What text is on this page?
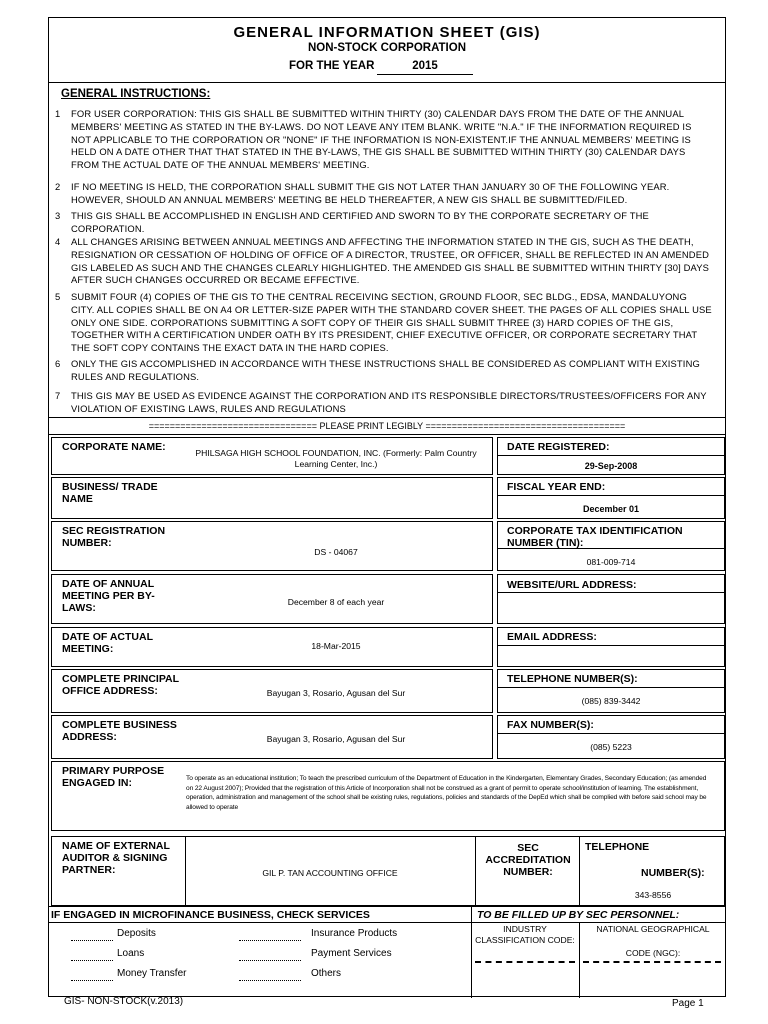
GENERAL INFORMATION SHEET (GIS)
NON-STOCK CORPORATION
FOR THE YEAR	2015
GENERAL INSTRUCTIONS:
1 FOR USER CORPORATION: THIS GIS SHALL BE SUBMITTED WITHIN THIRTY (30) CALENDAR DAYS FROM THE DATE OF THE ANNUAL MEMBERS' MEETING AS STATED IN THE BY-LAWS. DO NOT LEAVE ANY ITEM BLANK. WRITE "N.A." IF THE INFORMATION REQUIRED IS NOT APPLICABLE TO THE CORPORATION OR "NONE" IF THE INFORMATION IS NON-EXISTENT.IF THE ANNUAL MEMBERS' MEETING IS HELD ON A DATE OTHER THAT THAT STATED IN THE BY-LAWS, THE GIS SHALL BE SUBMITTED WITHIN THIRTY (30) CALENDAR DAYS FROM THE ACTUAL DATE OF THE ANNUAL MEMBERS' MEETING.
2 IF NO MEETING IS HELD, THE CORPORATION SHALL SUBMIT THE GIS NOT LATER THAN JANUARY 30 OF THE FOLLOWING YEAR. HOWEVER, SHOULD AN ANNUAL MEMBERS' MEETING BE HELD THEREAFTER, A NEW GIS SHALL BE SUBMITTED/FILED.
3 THIS GIS SHALL BE ACCOMPLISHED IN ENGLISH AND CERTIFIED AND SWORN TO BY THE CORPORATE SECRETARY OF THE CORPORATION.
4 ALL CHANGES ARISING BETWEEN ANNUAL MEETINGS AND AFFECTING THE INFORMATION STATED IN THE GIS, SUCH AS THE DEATH, RESIGNATION OR CESSATION OF HOLDING OF OFFICE OF A DIRECTOR, TRUSTEE, OR OFFICER, SHALL BE REFLECTED IN AN AMENDED GIS LABELED AS SUCH AND THE CHANGES CLEARLY HIGHLIGHTED. THE AMENDED GIS SHALL BE SUBMITTED WITHIN THIRTY [30] DAYS AFTER SUCH CHANGES OCCURRED OR BECAME EFFECTIVE.
5 SUBMIT FOUR (4) COPIES OF THE GIS TO THE CENTRAL RECEIVING SECTION, GROUND FLOOR, SEC BLDG., EDSA, MANDALUYONG CITY. ALL COPIES SHALL BE ON A4 OR LETTER-SIZE PAPER WITH THE STANDARD COVER SHEET. THE PAGES OF ALL COPIES SHALL USE ONLY ONE SIDE. CORPORATIONS SUBMITTING A SOFT COPY OF THEIR GIS SHALL SUBMIT THREE (3) HARD COPIES OF THE GIS, TOGETHER WITH A CERTIFICATION UNDER OATH BY ITS PRESIDENT, CHIEF EXECUTIVE OFFICER, OR CORPORATE SECRETARY THAT THE SOFT COPY CONTAINS THE EXACT DATA IN THE HARD COPIES.
6 ONLY THE GIS ACCOMPLISHED IN ACCORDANCE WITH THESE INSTRUCTIONS SHALL BE CONSIDERED AS COMPLIANT WITH EXISTING RULES AND REGULATIONS.
7 THIS GIS MAY BE USED AS EVIDENCE AGAINST THE CORPORATION AND ITS RESPONSIBLE DIRECTORS/TRUSTEES/OFFICERS FOR ANY VIOLATION OF EXISTING LAWS, RULES AND REGULATIONS
================================ PLEASE PRINT LEGIBLY ======================================
CORPORATE NAME:	PHILSAGA HIGH SCHOOL FOUNDATION, INC. (Formerly: Palm Country Learning Center, Inc.)
DATE REGISTERED:
29-Sep-2008
BUSINESS/ TRADE NAME
FISCAL YEAR END:
December 01
SEC REGISTRATION NUMBER:
DS - 04067
CORPORATE TAX IDENTIFICATION NUMBER (TIN):
081-009-714
DATE OF ANNUAL MEETING PER BY-LAWS:	December 8 of each year
WEBSITE/URL ADDRESS:
DATE OF ACTUAL MEETING:	18-Mar-2015
EMAIL ADDRESS:
COMPLETE PRINCIPAL OFFICE ADDRESS:	Bayugan 3, Rosario, Agusan del Sur
TELEPHONE NUMBER(S):
(085) 839-3442
COMPLETE BUSINESS ADDRESS:	Bayugan 3, Rosario, Agusan del Sur
FAX NUMBER(S):
(085) 5223
PRIMARY PURPOSE ENGAGED IN:	To operate as an educational institution; To teach the prescribed curriculum of the Department of Education in the Kindergarten, Elementary Grades, Secondary Education; (as amended on 22 August 2007); Provided that the registration of this Article of Incorporation shall not be construed as a grant of permit to operate school/institution of learning. The establishment, operation, administration and management of the school shall be existing rules, regulations, policies and standards of the DepEd which shall be complied with before said school may be allowed to operate
NAME OF EXTERNAL AUDITOR & SIGNING PARTNER:	GIL P. TAN ACCOUNTING OFFICE
SEC ACCREDITATION NUMBER:
TELEPHONE
NUMBER(S):
343-8556
IF ENGAGED IN MICROFINANCE BUSINESS, CHECK SERVICES	TO BE FILLED UP BY SEC PERSONNEL:
Deposits
Loans
Money Transfer
Insurance Products
Payment Services
Others
INDUSTRY CLASSIFICATION CODE:
NATIONAL GEOGRAPHICAL
CODE (NGC):
GIS- NON-STOCK(v.2013)	Page 1
